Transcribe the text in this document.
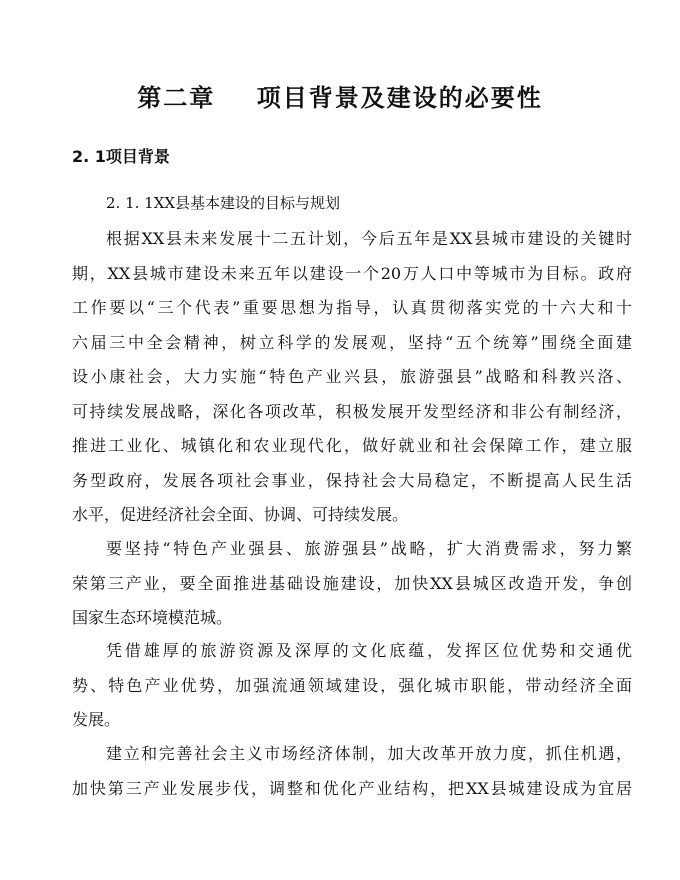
第二章    项目背景及建设的必要性
2. 1项目背景
2. 1. 1XX县基本建设的目标与规划
根据XX县未来发展十二五计划，今后五年是XX县城市建设的关键时
期，XX县城市建设未来五年以建设一个20万人口中等城市为目标。政府
工作要以“三个代表”重要思想为指导，认真贯彻落实党的十六大和十
六届三中全会精神，树立科学的发展观，坚持“五个统筹”围绕全面建
设小康社会，大力实施“特色产业兴县，旅游强县”战略和科教兴洛、
可持续发展战略，深化各项改革，积极发展开发型经济和非公有制经济，
推进工业化、城镇化和农业现代化，做好就业和社会保障工作，建立服
务型政府，发展各项社会事业，保持社会大局稳定，不断提高人民生活
水平，促进经济社会全面、协调、可持续发展。
要坚持“特色产业强县、旅游强县”战略，扩大消费需求，努力繁
荣第三产业，要全面推进基础设施建设，加快XX县城区改造开发，争创
国家生态环境模范城。
凭借雄厚的旅游资源及深厚的文化底蕴，发挥区位优势和交通优
势、特色产业优势，加强流通领域建设，强化城市职能，带动经济全面
发展。
建立和完善社会主义市场经济体制，加大改革开放力度，抓住机遇，
加快第三产业发展步伐，调整和优化产业结构，把XX县城建设成为宜居
